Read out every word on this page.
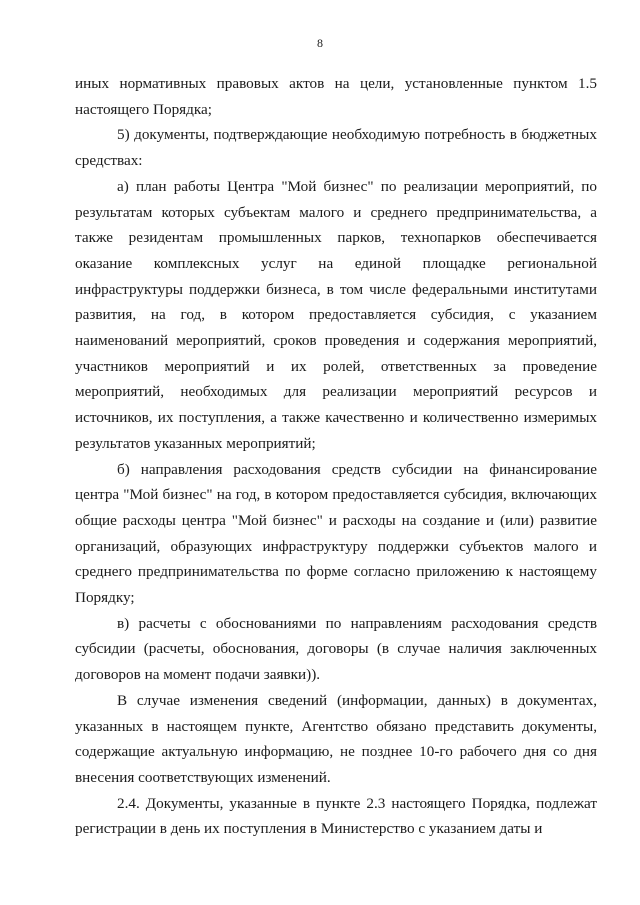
8
иных нормативных правовых актов на цели, установленные пунктом 1.5
настоящего Порядка;
5) документы, подтверждающие необходимую потребность в бюджетных
средствах:
а) план работы Центра "Мой бизнес" по реализации мероприятий, по
результатам которых субъектам малого и среднего предпринимательства, а
также резидентам промышленных парков, технопарков обеспечивается
оказание комплексных услуг на единой площадке региональной
инфраструктуры поддержки бизнеса, в том числе федеральными институтами
развития, на год, в котором предоставляется субсидия, с указанием
наименований мероприятий, сроков проведения и содержания мероприятий,
участников мероприятий и их ролей, ответственных за проведение
мероприятий, необходимых для реализации мероприятий ресурсов и
источников, их поступления, а также качественно и количественно измеримых
результатов указанных мероприятий;
б) направления расходования средств субсидии на финансирование
центра "Мой бизнес" на год, в котором предоставляется субсидия, включающих
общие расходы центра "Мой бизнес" и расходы на создание и (или) развитие
организаций, образующих инфраструктуру поддержки субъектов малого и
среднего предпринимательства по форме согласно приложению к настоящему
Порядку;
в) расчеты с обоснованиями по направлениям расходования средств
субсидии (расчеты, обоснования, договоры (в случае наличия заключенных
договоров на момент подачи заявки)).
В случае изменения сведений (информации, данных) в документах,
указанных в настоящем пункте, Агентство обязано представить документы,
содержащие актуальную информацию, не позднее 10-го рабочего дня со дня
внесения соответствующих изменений.
2.4. Документы, указанные в пункте 2.3 настоящего Порядка, подлежат
регистрации в день их поступления в Министерство с указанием даты и
